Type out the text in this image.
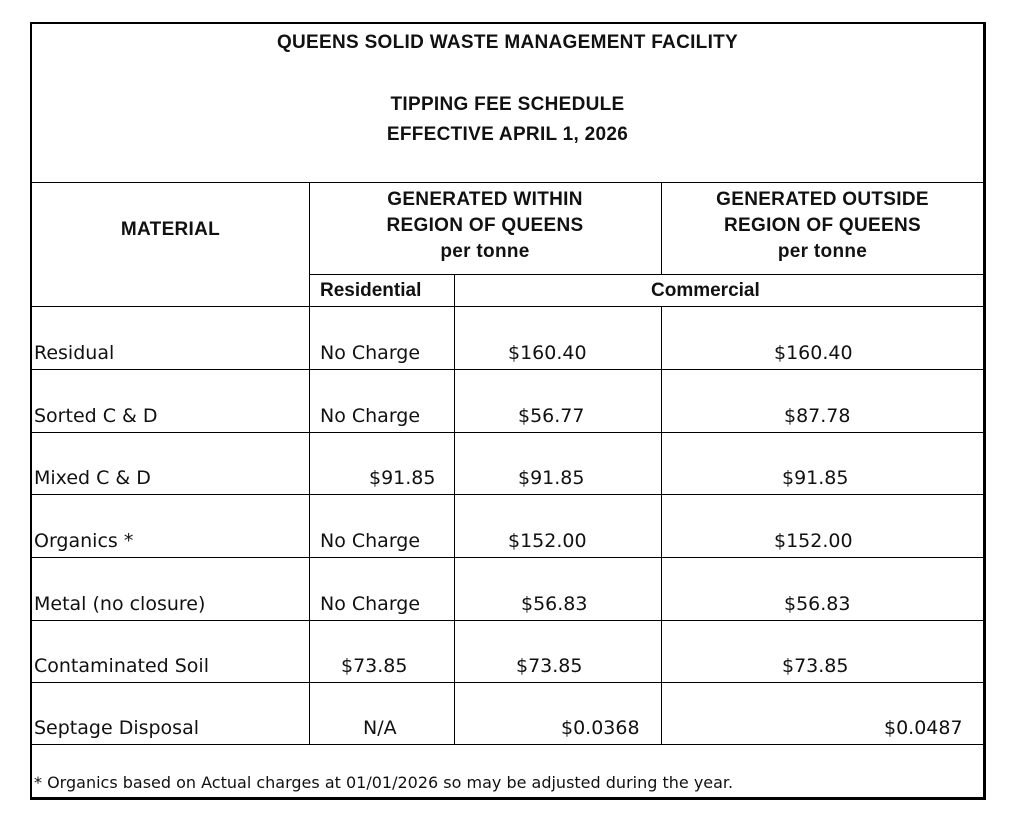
QUEENS SOLID WASTE MANAGEMENT FACILITY
TIPPING FEE SCHEDULE
EFFECTIVE APRIL 1, 2026
MATERIAL
GENERATED WITHIN
REGION OF QUEENS
per tonne
GENERATED OUTSIDE
REGION OF QUEENS
per tonne
Residential	Commercial
Residual	No Charge	$160.40	$160.40
Sorted C & D	No Charge	$56.77	$87.78
Mixed C & D	$91.85	$91.85	$91.85
Organics *	No Charge	$152.00	$152.00
Metal (no closure)	No Charge	$56.83	$56.83
Contaminated Soil	$73.85	$73.85	$73.85
Septage Disposal	N/A	$0.0368	$0.0487
* Organics based on Actual charges at 01/01/2026 so may be adjusted during the year.
